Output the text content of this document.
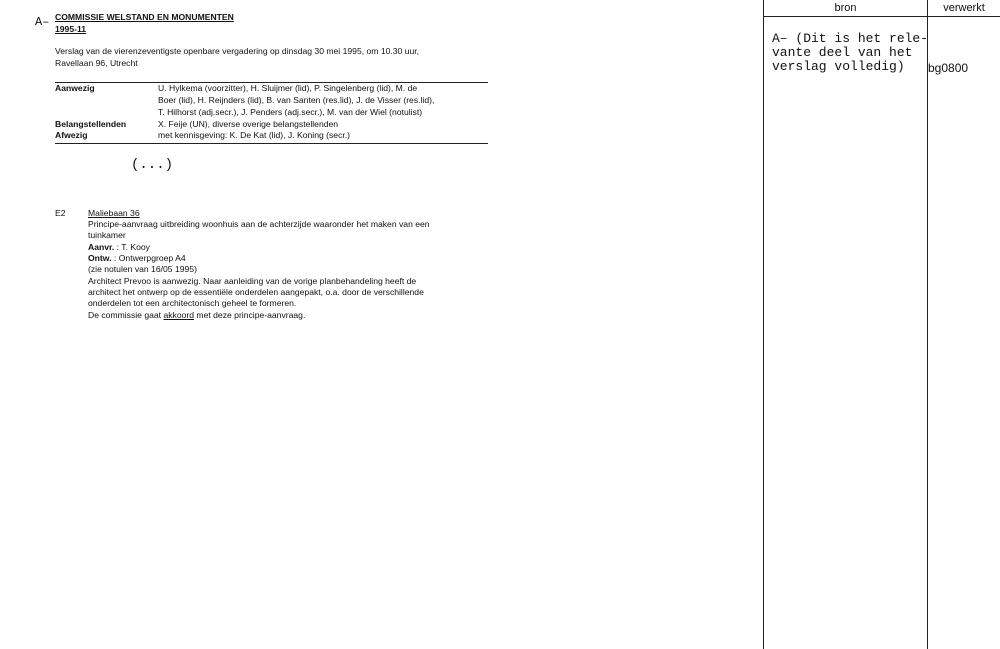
A– COMMISSIE WELSTAND EN MONUMENTEN
1995-11
Verslag van de vierenzeventigste openbare vergadering op dinsdag 30 mei 1995, om 10.30 uur,
Ravellaan 96, Utrecht
Aanwezig	U. Hylkema (voorzitter), H. Sluijmer (lid), P. Singelenberg (lid), M. de
Boer (lid), H. Reijnders (lid), B. van Santen (res.lid), J. de Visser (res.lid),
T. Hilhorst (adj.secr.), J. Penders (adj.secr.), M. van der Wiel (notulist)
Belangstellenden	X. Feije (UN), diverse overige belangstellenden
Afwezig	met kennisgeving: K. De Kat (lid), J. Koning (secr.)
(...)
E2	Maliebaan 36
Principe-aanvraag uitbreiding woonhuis aan de achterzijde waaronder het maken van een
tuinkamer
Aanvr. : T. Kooy
Ontw. : Ontwerpgroep A4
(zie notulen van 16/05 1995)
Architect Prevoo is aanwezig. Naar aanleiding van de vorige planbehandeling heeft de
architect het ontwerp op de essentiële onderdelen aangepakt, o.a. door de verschillende
onderdelen tot een architectonisch geheel te formeren.
De commissie gaat akkoord met deze principe-aanvraag.
bron	verwerkt
A– (Dit is het rele-
vante deel van het
verslag volledig)	bg0800
